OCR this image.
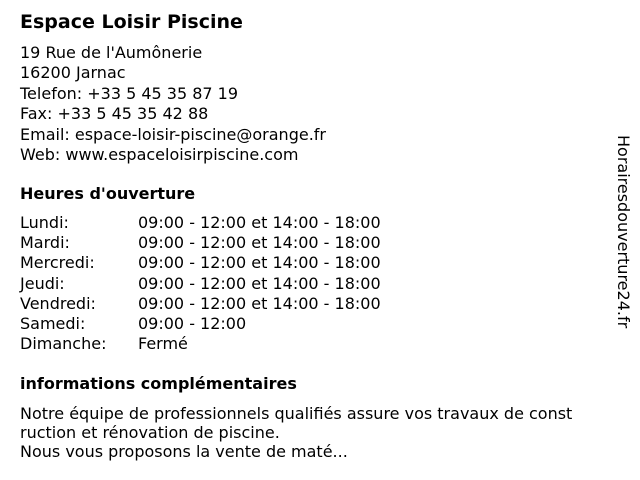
Espace Loisir Piscine
19 Rue de l'Aumônerie
16200 Jarnac
Telefon: +33 5 45 35 87 19
Fax: +33 5 45 35 42 88
Email: espace-loisir-piscine@orange.fr
Web: www.espaceloisirpiscine.com
Heures d'ouverture
Lundi:	09:00 - 12:00 et 14:00 - 18:00
Mardi:	09:00 - 12:00 et 14:00 - 18:00
Mercredi:	09:00 - 12:00 et 14:00 - 18:00
Jeudi:	09:00 - 12:00 et 14:00 - 18:00
Vendredi:	09:00 - 12:00 et 14:00 - 18:00
Samedi:	09:00 - 12:00
Dimanche:	Fermé
informations complémentaires
Notre équipe de professionnels qualifiés assure vos travaux de const
ruction et rénovation de piscine.
Nous vous proposons la vente de maté...
Horairesdouverture24.fr
